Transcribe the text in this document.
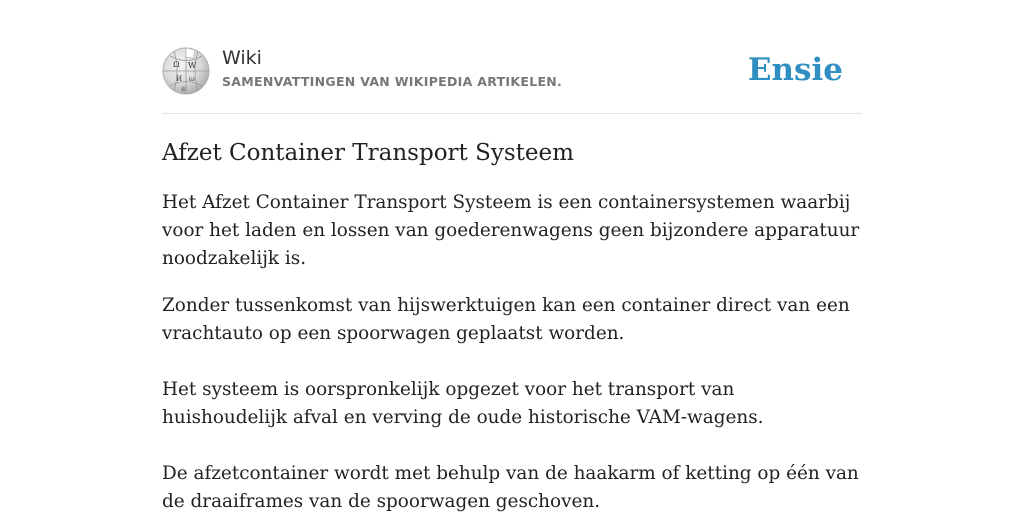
Ω W
И ω
維
Wiki
SAMENVATTINGEN VAN WIKIPEDIA ARTIKELEN.	Ensie
Afzet Container Transport Systeem

Het Afzet Container Transport Systeem is een containersystemen waarbij voor het laden en lossen van goederenwagens geen bijzondere apparatuur noodzakelijk is.

Zonder tussenkomst van hijswerktuigen kan een container direct van een vrachtauto op een spoorwagen geplaatst worden.

Het systeem is oorspronkelijk opgezet voor het transport van huishoudelijk afval en verving de oude historische VAM-wagens.

De afzetcontainer wordt met behulp van de haakarm of ketting op één van de draaiframes van de spoorwagen geschoven.
